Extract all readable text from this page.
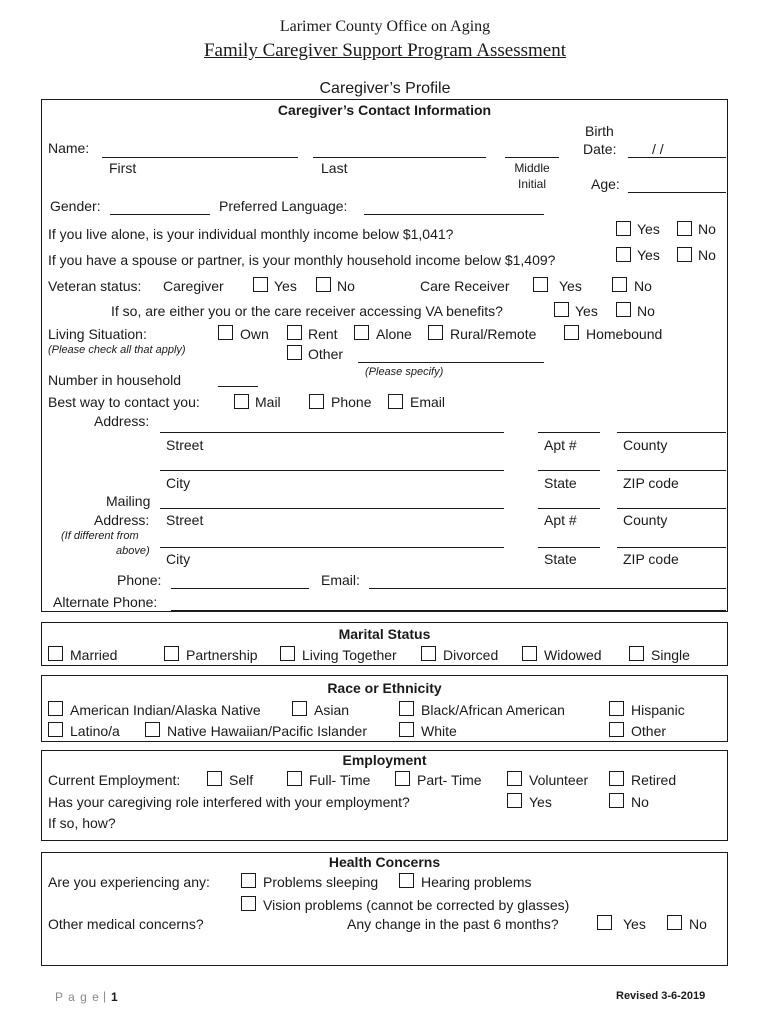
Larimer County Office on Aging
Family Caregiver Support Program Assessment
Caregiver’s Profile
Caregiver’s Contact Information
Name:
First	Last	Middle
Initial
Birth
Date:	/ /
Age:
Gender:	Preferred Language:
If you live alone, is your individual monthly income below $1,041?	Yes	No
If you have a spouse or partner, is your monthly household income below $1,409?	Yes	No
Veteran status: Caregiver	Yes	No	Care Receiver	Yes	No
If so, are either you or the care receiver accessing VA benefits?	Yes	No
Living Situation:
(Please check all that apply)
Own	Rent	Alone	Rural/Remote	Homebound
Other
(Please specify)
Number in household
Best way to contact you:	Mail	Phone	Email
Address:
Street	Apt #	County
City	State	ZIP code
Mailing
Address: Street	Apt #	County
(If different from
above) City	State	ZIP code
Phone:	Email:
Alternate Phone:
Marital Status
Married	Partnership	Living Together	Divorced	Widowed	Single
Race or Ethnicity
American Indian/Alaska Native	Asian	Black/African American	Hispanic
Latino/a	Native Hawaiian/Pacific Islander	White	Other
Employment
Current Employment:	Self	Full- Time	Part- Time	Volunteer	Retired
Has your caregiving role interfered with your employment?	Yes	No
If so, how?
Health Concerns
Are you experiencing any:	Problems sleeping	Hearing problems
Vision problems (cannot be corrected by glasses)
Other medical concerns?	Any change in the past 6 months?	Yes	No
P a g e | 1	Revised 3-6-2019
